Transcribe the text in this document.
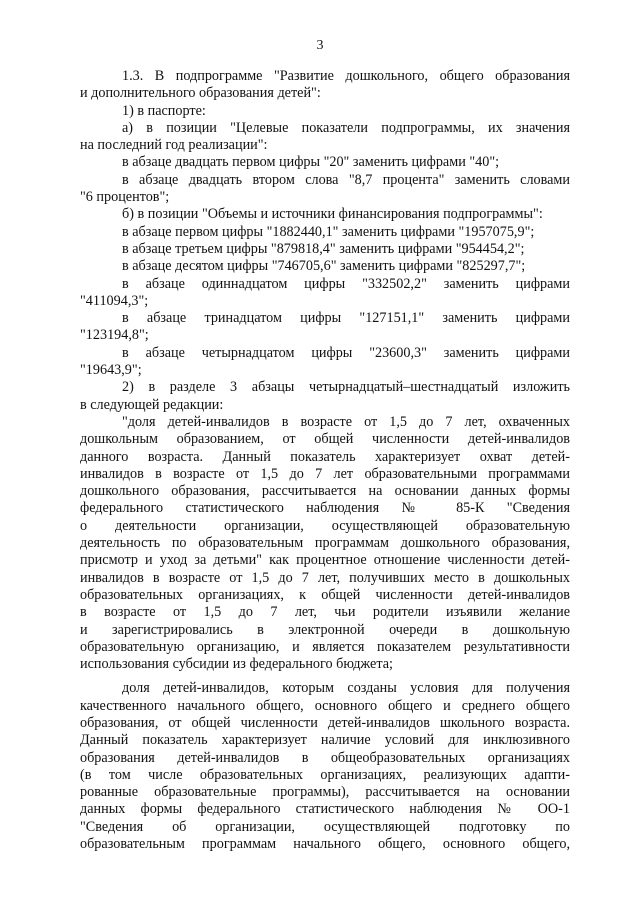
3
1.3. В подпрограмме "Развитие дошкольного, общего образования
и дополнительного образования детей":
1) в паспорте:
а) в позиции "Целевые показатели подпрограммы, их значения
на последний год реализации":
в абзаце двадцать первом цифры "20" заменить цифрами "40";
в абзаце двадцать втором слова "8,7 процента" заменить словами
"6 процентов";
б) в позиции "Объемы и источники финансирования подпрограммы":
в абзаце первом цифры "1882440,1" заменить цифрами "1957075,9";
в абзаце третьем цифры "879818,4" заменить цифрами "954454,2";
в абзаце десятом цифры "746705,6" заменить цифрами "825297,7";
в абзаце одиннадцатом цифры "332502,2" заменить цифрами
"411094,3";
в абзаце тринадцатом цифры "127151,1" заменить цифрами
"123194,8";
в абзаце четырнадцатом цифры "23600,3" заменить цифрами
"19643,9";
2) в разделе 3 абзацы четырнадцатый–шестнадцатый изложить
в следующей редакции:
"доля детей-инвалидов в возрасте от 1,5 до 7 лет, охваченных
дошкольным образованием, от общей численности детей-инвалидов
данного возраста. Данный показатель характеризует охват детей-
инвалидов в возрасте от 1,5 до 7 лет образовательными программами
дошкольного образования, рассчитывается на основании данных формы
федерального статистического наблюдения № 85-К "Сведения
о деятельности организации, осуществляющей образовательную
деятельность по образовательным программам дошкольного образования,
присмотр и уход за детьми" как процентное отношение численности детей-
инвалидов в возрасте от 1,5 до 7 лет, получивших место в дошкольных
образовательных организациях, к общей численности детей-инвалидов
в возрасте от 1,5 до 7 лет, чьи родители изъявили желание
и зарегистрировались в электронной очереди в дошкольную
образовательную организацию, и является показателем результативности
использования субсидии из федерального бюджета;
доля детей-инвалидов, которым созданы условия для получения
качественного начального общего, основного общего и среднего общего
образования, от общей численности детей-инвалидов школьного возраста.
Данный показатель характеризует наличие условий для инклюзивного
образования детей-инвалидов в общеобразовательных организациях
(в том числе образовательных организациях, реализующих адапти-
рованные образовательные программы), рассчитывается на основании
данных формы федерального статистического наблюдения № ОО-1
"Сведения об организации, осуществляющей подготовку по
образовательным программам начального общего, основного общего,
